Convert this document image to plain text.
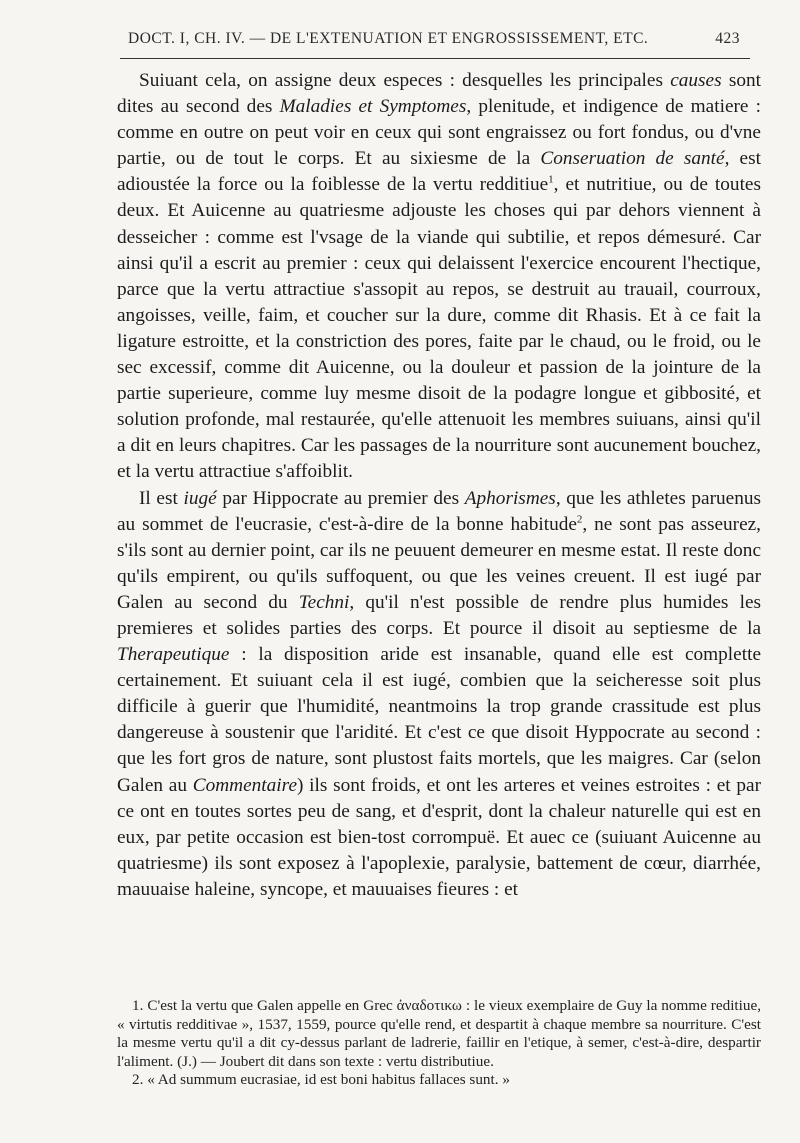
DOCT. I, CH. IV. — DE L'EXTENUATION ET ENGROSSISSEMENT, ETC.	423

Suiuant cela, on assigne deux especes : desquelles les principales causes sont dites au second des Maladies et Symptomes, plenitude, et indigence de matiere : comme en outre on peut voir en ceux qui sont engraissez ou fort fondus, ou d'vne partie, ou de tout le corps. Et au sixiesme de la Conseruation de santé, est adioustée la force ou la foiblesse de la vertu redditiue$^1$, et nutritiue, ou de toutes deux. Et Auicenne au quatriesme adjouste les choses qui par dehors viennent à desseicher : comme est l'vsage de la viande qui subtilie, et repos démesuré. Car ainsi qu'il a escrit au premier : ceux qui delaissent l'exercice encourent l'hectique, parce que la vertu attractiue s'assopit au repos, se destruit au trauail, courroux, angoisses, veille, faim, et coucher sur la dure, comme dit Rhasis. Et à ce fait la ligature estroitte, et la constriction des pores, faite par le chaud, ou le froid, ou le sec excessif, comme dit Auicenne, ou la douleur et passion de la jointure de la partie superieure, comme luy mesme disoit de la podagre longue et gibbosité, et solution profonde, mal restaurée, qu'elle attenuoit les membres suiuans, ainsi qu'il a dit en leurs chapitres. Car les passages de la nourriture sont aucunement bouchez, et la vertu attractiue s'affoiblit.

Il est iugé par Hippocrate au premier des Aphorismes, que les athletes paruenus au sommet de l'eucrasie, c'est-à-dire de la bonne habitude$^2$, ne sont pas asseurez, s'ils sont au dernier point, car ils ne peuuent demeurer en mesme estat. Il reste donc qu'ils empirent, ou qu'ils suffoquent, ou que les veines creuent. Il est iugé par Galen au second du Techni, qu'il n'est possible de rendre plus humides les premieres et solides parties des corps. Et pource il disoit au septiesme de la Therapeutique : la disposition aride est insanable, quand elle est complette certainement. Et suiuant cela il est iugé, combien que la seicheresse soit plus difficile à guerir que l'humidité, neantmoins la trop grande crassitude est plus dangereuse à soustenir que l'aridité. Et c'est ce que disoit Hyppocrate au second : que les fort gros de nature, sont plustost faits mortels, que les maigres. Car (selon Galen au Commentaire) ils sont froids, et ont les arteres et veines estroites : et par ce ont en toutes sortes peu de sang, et d'esprit, dont la chaleur naturelle qui est en eux, par petite occasion est bien-tost corrompuë. Et auec ce (suiuant Auicenne au quatriesme) ils sont exposez à l'apoplexie, paralysie, battement de cœur, diarrhée, mauuaise haleine, syncope, et mauuaises fieures : et

1. C'est la vertu que Galen appelle en Grec ἀναδοτικω : le vieux exemplaire de Guy la nomme reditiue, « virtutis redditivae », 1537, 1559, pource qu'elle rend, et despartit à chaque membre sa nourriture. C'est la mesme vertu qu'il a dit cy-dessus parlant de ladrerie, faillir en l'etique, à semer, c'est-à-dire, despartir l'aliment. (J.) — Joubert dit dans son texte : vertu distributiue.

2. « Ad summum eucrasiae, id est boni habitus fallaces sunt. »
